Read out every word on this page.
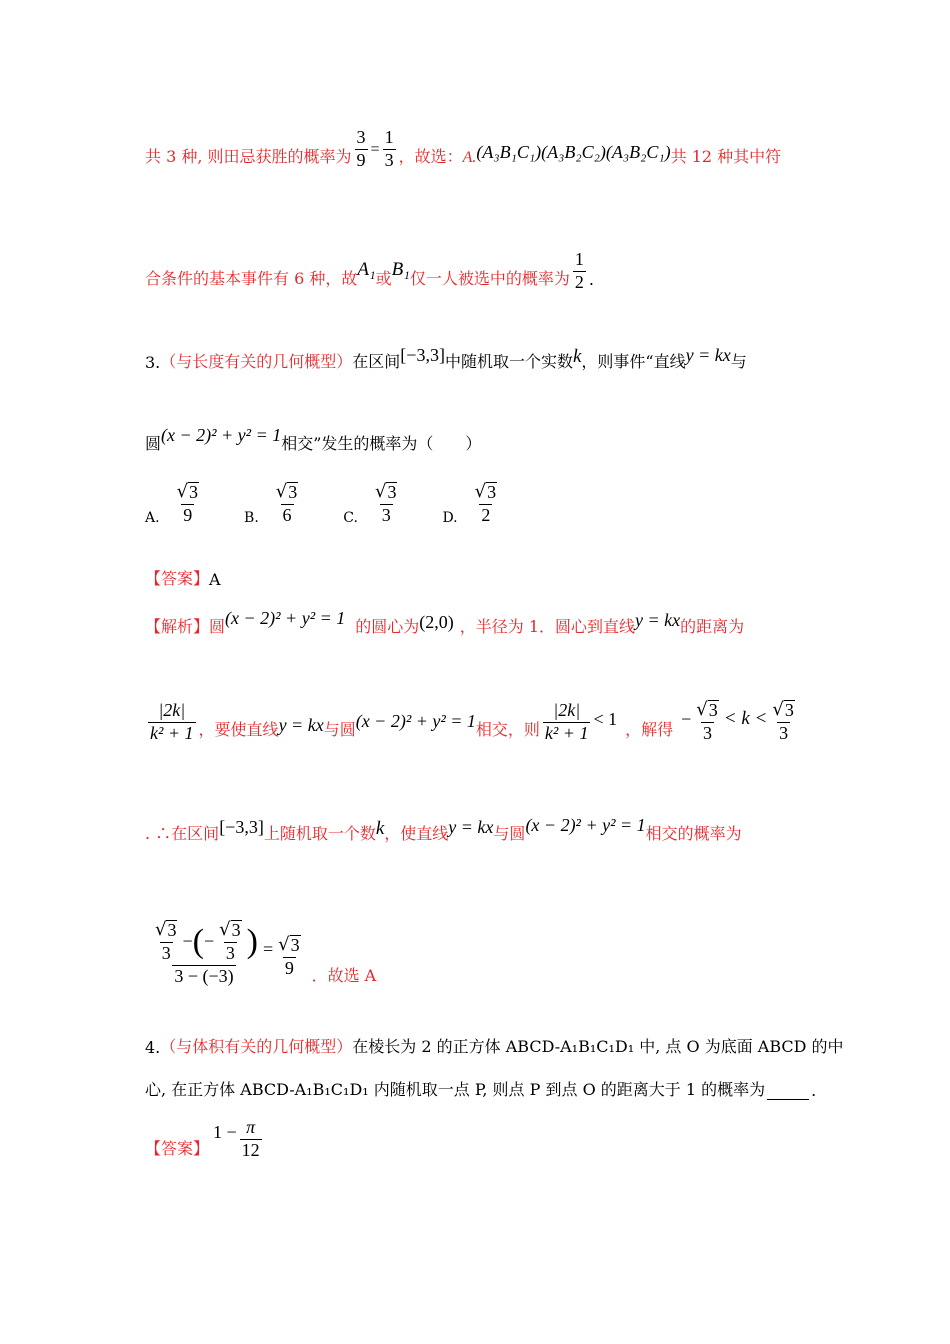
共 3 种, 则田忌获胜的概率为 $\frac{3}{9} = \frac{1}{3}$ ，故选： A. (A₃B₁C₁)(A₃B₂C₂)(A₃B₂C₁) 共 12 种其中符
合条件的基本事件有 6 种，故 A₁ 或 B₁ 仅一人被选中的概率为 $\frac{1}{2}$ .
3. （与长度有关的几何概型） 在区间 [−3,3] 中随机取一个实数 k ，则事件“直线 y = kx 与
圆 (x − 2)² + y² = 1 相交”发生的概率为（　　）
A. $\frac{√ 3}{9}$	B. $\frac{√ 3}{6}$	C. $\frac{√ 3}{3}$	D. $\frac{√ 3}{2}$
【答案】 A
【解析】 圆 (x − 2)² + y² = 1 的圆心为 (2,0) ，半径为 1．圆心到直线 y = kx 的距离为
$\frac{|2k|}{\text{k² + 1}}$ ，要使直线 y = kx 与圆 (x − 2)² + y² = 1 相交，则 $\frac{|2k|}{\text{k² + 1}} < 1$
，解得
− $\frac{√ 3}{3} < k < \frac{√ 3}{3}$
. ∴在区间 [−3,3] 上随机取一个数 k ，使直线 y = kx 与圆 (x − 2)² + y² = 1 相交的概率为
$\frac{√ 3}{3}$ − ( − $\frac{√ 3}{3}$ )
3 − (−3)
= $\frac{√ 3}{9}$ ．故选 A
4. （与体积有关的几何概型） 在棱长为 2 的正方体 ABCD-A₁B₁C₁D₁ 中, 点 O 为底面 ABCD 的中
心, 在正方体 ABCD-A₁B₁C₁D₁ 内随机取一点 P, 则点 P 到点 O 的距离大于 1 的概率为	.
【答案】
$1 - \frac{\pi}{12}$
